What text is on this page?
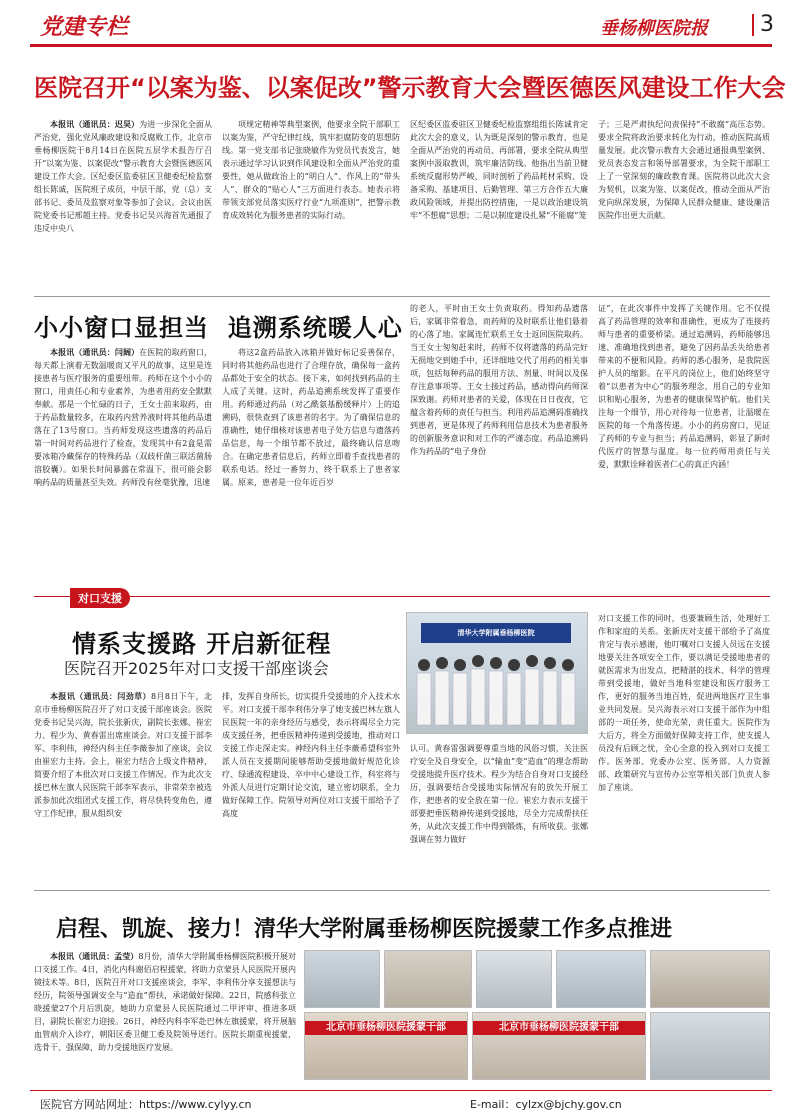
党建专栏	垂杨柳医院报 3
医院召开“以案为鉴、以案促改”警示教育大会暨医德医风建设工作大会

本报讯（通讯员：迟昊）为进一步深化全面从严治党，强化党风廉政建设和反腐败工作，北京市垂杨柳医院于8月14日在医院五层学术报告厅召开“以案为鉴、以案促改”警示教育大会暨医德医风建设工作大会。区纪委区监委驻区卫健委纪检监察组长陈诚，医院班子成员，中层干部，党（总）支部书记、委员及监察对象等参加了会议。会议由医院党委书记邢超主持。党委书记吴兴海首先通报了违反中央八

项规定精神等典型案例，他要求全院干部职工以案为鉴，严守纪律红线，筑牢拒腐防变的思想防线。第一党支部书记张晓敏作为党员代表发言，她表示通过学习认识到作风建设和全面从严治党的重要性，她从做政治上的“明白人”、作风上的“带头人”、群众的“贴心人”三方面进行表态。她表示将带领支部党员落实医疗行业“九项准则”，把警示教育成效转化为服务患者的实际行动。

区纪委区监委驻区卫健委纪检监察组组长陈诚肯定此次大会的意义，认为既是深刻的警示教育，也是全面从严治党的再动员、再部署，要求全院从典型案例中汲取教训，筑牢廉洁防线。他指出当前卫健系统反腐形势严峻，同时剖析了药品耗材采购、设备采购、基建项目、后勤管理、第三方合作五大廉政风险领域，并提出防控措施，一是以政治建设筑牢“不想腐”思想；二是以制度建设扎紧“不能腐”笼

子；三是严肃执纪问责保持“不敢腐”高压态势。要求全院将政治要求转化为行动，推动医院高质量发展。此次警示教育大会通过通报典型案例、党员表态发言和领导部署要求，为全院干部职工上了一堂深刻的廉政教育课。医院将以此次大会为契机，以案为鉴、以案促改，推动全面从严治党向纵深发展，为保障人民群众健康、建设廉洁医院作出更大贡献。

小小窗口显担当  追溯系统暖人心

本报讯（通讯员：闫阔）在医院的取药窗口，每天都上演着无数温暖而又平凡的故事，这里是连接患者与医疗服务的重要纽带。药师在这个小小的窗口，用责任心和专业素养，为患者用药安全默默奉献。那是一个忙碌的日子，王女士前来取药，由于药品数量较多，在取药内营养液时将其他药品遗落在了13号窗口。当药师发现这些遗落的药品后第一时间对药品进行了检查，发现其中有2盒是需要冰箱冷藏保存的特殊药品（双歧杆菌三联活菌肠溶胶囊）。如果长时间暴露在常温下，很可能会影响药品的质量甚至失效。药师没有丝毫犹豫，迅速

将这2盒药品放入冰箱并做好标记妥善保存，同时将其他药品也进行了合理存放，确保每一盒药品都处于安全的状态。接下来，如何找到药品的主人成了关键。这时，药品追溯系统发挥了重要作用。药师通过药品（对乙酰氨基酚缓释片）上的追溯码，很快查到了该患者的名字。为了确保信息的准确性，她仔细核对该患者电子处方信息与遗落药品信息，每一个细节都不放过，最终确认信息吻合。在确定患者信息后，药师立即着手查找患者的联系电话。经过一番努力，终于联系上了患者家属。原来，患者是一位年近百岁

的老人，平时由王女士负责取药。得知药品遗落后，家属非常着急，而药师的及时联系让他们悬着的心落了地。家属连忙联系王女士返回医院取药。当王女士匆匆赶来时，药师不仅将遗落的药品完好无损地交到她手中，还详细地交代了用药的相关事项，包括每种药品的服用方法、剂量、时间以及保存注意事项等。王女士接过药品，感动得向药师深深致谢。药师对患者的关爱，体现在日日夜夜，它蕴含着药师的责任与担当。利用药品追溯码准确找到患者，更是体现了药师利用信息技术为患者服务的创新服务意识和对工作的严谨态度。药品追溯码作为药品的“电子身份

证”，在此次事件中发挥了关键作用。它不仅提高了药品管理的效率和准确性，更成为了连接药师与患者的重要桥梁。通过追溯码，药师能够迅速、准确地找到患者，避免了因药品丢失给患者带来的不便和风险。药师的悉心服务，是我院医护人员的缩影。在平凡的岗位上，他们始终坚守着“以患者为中心”的服务理念，用自己的专业知识和贴心服务，为患者的健康保驾护航。他们关注每一个细节，用心对待每一位患者，让温暖在医院的每一个角落传递。小小的药房窗口，见证了药师的专业与担当；药品追溯码，彰显了新时代医疗的智慧与温度。每一位药师用责任与关爱，默默诠释着医者仁心的真正内涵！

对口支援
情系支援路 开启新征程
医院召开2025年对口支援干部座谈会

本报讯（通讯员：闫劲草）8月8日下午，北京市垂杨柳医院召开了对口支援干部座谈会。医院党委书记吴兴海，院长张新庆，副院长张娜、崔宏力、程少为、黄春雷出席座谈会。对口支援干部李军、李利伟，神经内科主任李薇参加了座谈，会议由崔宏力主持。会上，崔宏力结合上级文件精神，简要介绍了本批次对口支援工作情况。作为此次支援巴林左旗人民医院干部李军表示，非常荣幸被选派参加此次组团式支援工作，将尽快转变角色，遵守工作纪律，服从组织安

排，发挥自身所长，切实提升受援地的介入技术水平。对口支援干部李利伟分享了她支援巴林左旗人民医院一年的亲身经历与感受，表示将竭尽全力完成支援任务，把垂医精神传递到受援地，推动对口支援工作走深走实。神经内科主任李薇希望科室外派人员在支援期间能够帮助受援地做好规范化诊疗、绿通流程建设、卒中中心建设工作，科室将与外派人员进行定期讨论交流，建立密切联系，全力做好保障工作。院领导对两位对口支援干部给予了高度

清华大学附属垂杨柳医院

认可。黄春雷强调要尊重当地的风俗习惯，关注医疗安全及自身安全，以“输血”变“造血”的理念帮助受援地提升医疗技术。程少为结合自身对口支援经历，强调要结合受援地实际情况有的放矢开展工作，把患者的安全放在第一位。崔宏力表示支援干部要把垂医精神传递到受援地，尽全力完成帮扶任务，从此次支援工作中得到锻炼，有所收获。张娜强调在努力做好

对口支援工作的同时，也要兼顾生活，处理好工作和家庭的关系。张新庆对支援干部给予了高度肯定与表示感谢，他叮嘱对口支援人员远在支援地要关注各项安全工作，要以满足受援地患者的就医需求为出发点，把精湛的技术、科学的管理带到受援地，做好当地科室建设和医疗服务工作，更好的服务当地百姓，促进两地医疗卫生事业共同发展。吴兴海表示对口支援干部作为中组部的一项任务，使命光荣，责任重大。医院作为大后方，将全方面做好保障支持工作，使支援人员没有后顾之忧，全心全意的投入到对口支援工作。医务部、党委办公室、医务部、人力资源部、政策研究与宣传办公室等相关部门负责人参加了座谈。

启程、凯旋、接力！清华大学附属垂杨柳医院援蒙工作多点推进

本报讯（通讯员：孟莹）8月份，清华大学附属垂杨柳医院积极开展对口支援工作。4日，消化内科谢佰启程援蒙，将助力京蒙县人民医院开展内镜技术等。8日，医院召开对口支援座谈会，李军、李利伟分享支援想法与经历，院领导强调安全与“造血”帮扶，承诺做好保障。22日，院感科张立晓援蒙27个月后凯旋，她助力京蒙县人民医院通过二甲评审、推进多项目，副院长崔宏力迎接。26日，神经内科李军赴巴林左旗援蒙，将开展脑血管病介入诊疗，朝阳区委卫健工委及院领导送行。医院长期重视援蒙，选骨干、强保障，助力受援地医疗发展。

北京市垂杨柳医院援蒙干部	北京市垂杨柳医院援蒙干部
医院官方网站网址：https://www.cylyy.cn	E-mail：cylzx@bjchy.gov.cn
